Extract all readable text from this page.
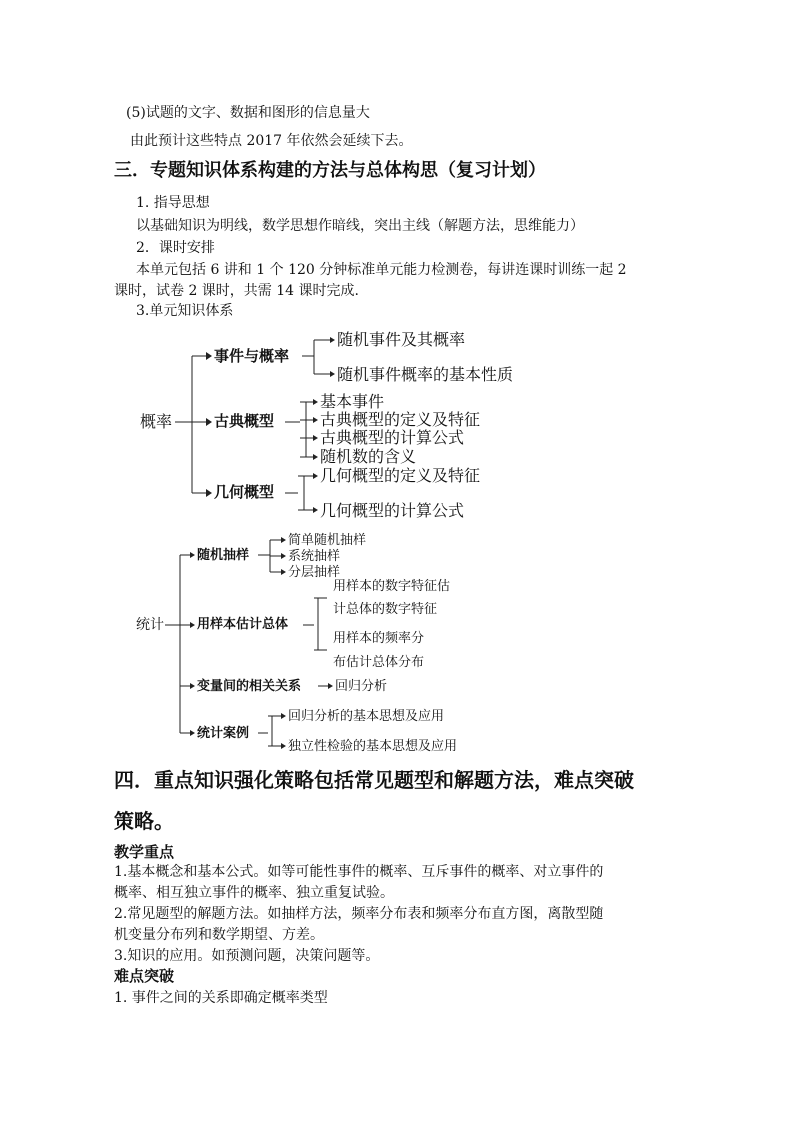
(5)试题的文字、数据和图形的信息量大
由此预计这些特点 2017 年依然会延续下去。
三．专题知识体系构建的方法与总体构思（复习计划）
1. 指导思想
以基础知识为明线，数学思想作暗线，突出主线（解题方法，思维能力）
2．课时安排
本单元包括 6 讲和 1 个 120 分钟标准单元能力检测卷，每讲连课时训练一起 2
课时，试卷 2 课时，共需 14 课时完成.
3.单元知识体系
概率
事件与概率
随机事件及其概率
随机事件概率的基本性质
古典概型
基本事件
古典概型的定义及特征
古典概型的计算公式
随机数的含义
几何概型
几何概型的定义及特征
几何概型的计算公式
统计
随机抽样
简单随机抽样
系统抽样
分层抽样
用样本估计总体
用样本的数字特征估
计总体的数字特征
用样本的频率分
布估计总体分布
变量间的相关关系	回归分析
统计案例
回归分析的基本思想及应用
独立性检验的基本思想及应用
四．重点知识强化策略包括常见题型和解题方法，难点突破
策略。
教学重点
1.基本概念和基本公式。如等可能性事件的概率、互斥事件的概率、对立事件的
概率、相互独立事件的概率、独立重复试验。
2.常见题型的解题方法。如抽样方法，频率分布表和频率分布直方图，离散型随
机变量分布列和数学期望、方差。
3.知识的应用。如预测问题，决策问题等。
难点突破
1. 事件之间的关系即确定概率类型
